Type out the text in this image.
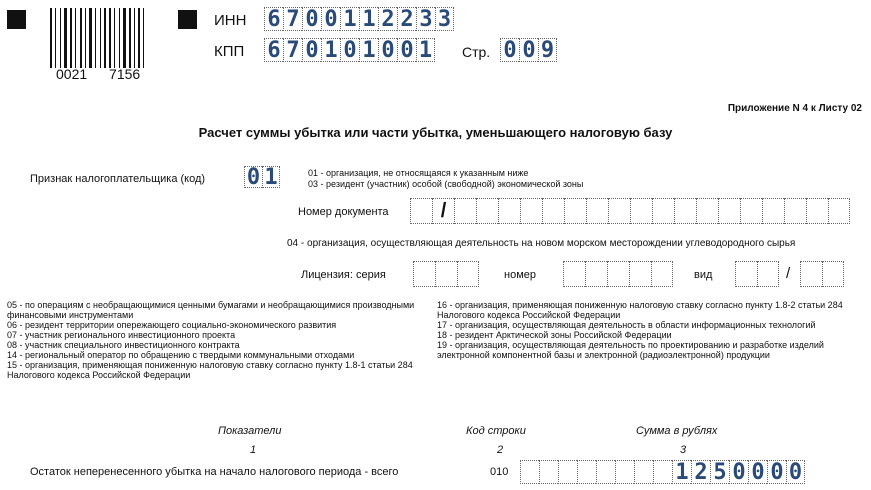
0021 7156
ИНН 6 7 0 0 1 1 2 2 3 3
КПП 6 7 0 1 0 1 0 0 1 Стр. 0 0 9
Приложение N 4 к Листу 02
Расчет суммы убытка или части убытка, уменьшающего налоговую базу
Признак налогоплательщика (код) 0 1	01 - организация, не относящаяся к указанным ниже
03 - резидент (участник) особой (свободной) экономической зоны
Номер документа	/
04 - организация, осуществляющая деятельность на новом морском месторождении углеводородного сырья
Лицензия: серия	номер	вид	/
05 - по операциям с необращающимися ценными бумагами и необращающимися производными финансовыми инструментами
06 - резидент территории опережающего социально-экономического развития
07 - участник регионального инвестиционного проекта
08 - участник специального инвестиционного контракта
14 - региональный оператор по обращению с твердыми коммунальными отходами
15 - организация, применяющая пониженную налоговую ставку согласно пункту 1.8-1 статьи 284 Налогового кодекса Российской Федерации
16 - организация, применяющая пониженную налоговую ставку согласно пункту 1.8-2 статьи 284 Налогового кодекса Российской Федерации
17 - организация, осуществляющая деятельность в области информационных технологий
18 - резидент Арктической зоны Российской Федерации
19 - организация, осуществляющая деятельность по проектированию и разработке изделий электронной компонентной базы и электронной (радиоэлектронной) продукции
Показатели	Код строки	Сумма в рублях
1	2	3
Остаток неперенесенного убытка на начало налогового периода - всего	010	1 2 5 0 0 0 0
